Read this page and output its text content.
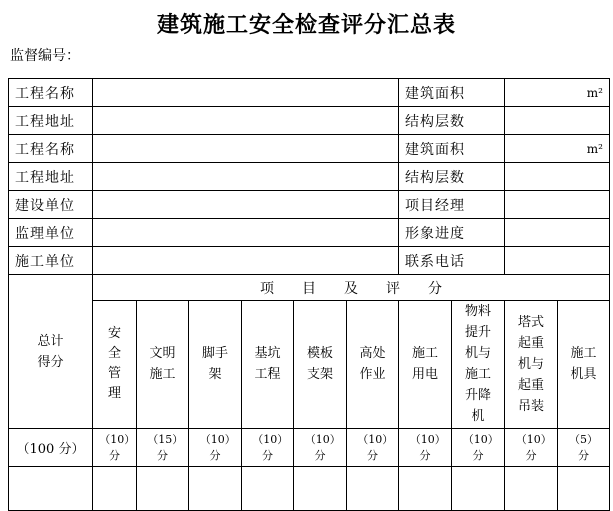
建筑施工安全检查评分汇总表
监督编号：
工程名称							建筑面积		m²	
工程地址							结构层数			
工程名称							建筑面积		m²	
工程地址							结构层数			
建设单位							项目经理			
监理单位							形象进度			
施工单位							联系电话			
总计得分	项 目 及 评 分									
	安全管理	文明施工	脚手架	基坑工程	模板支架	高处作业	施工用电	物料提升机与施工升降机	塔式起重机与起重吊装	施工机具
（100 分）	（10）分	（15）分	（10）分	（10）分	（10）分	（10）分	（10）分	（10）分	（10）分	（5）分
